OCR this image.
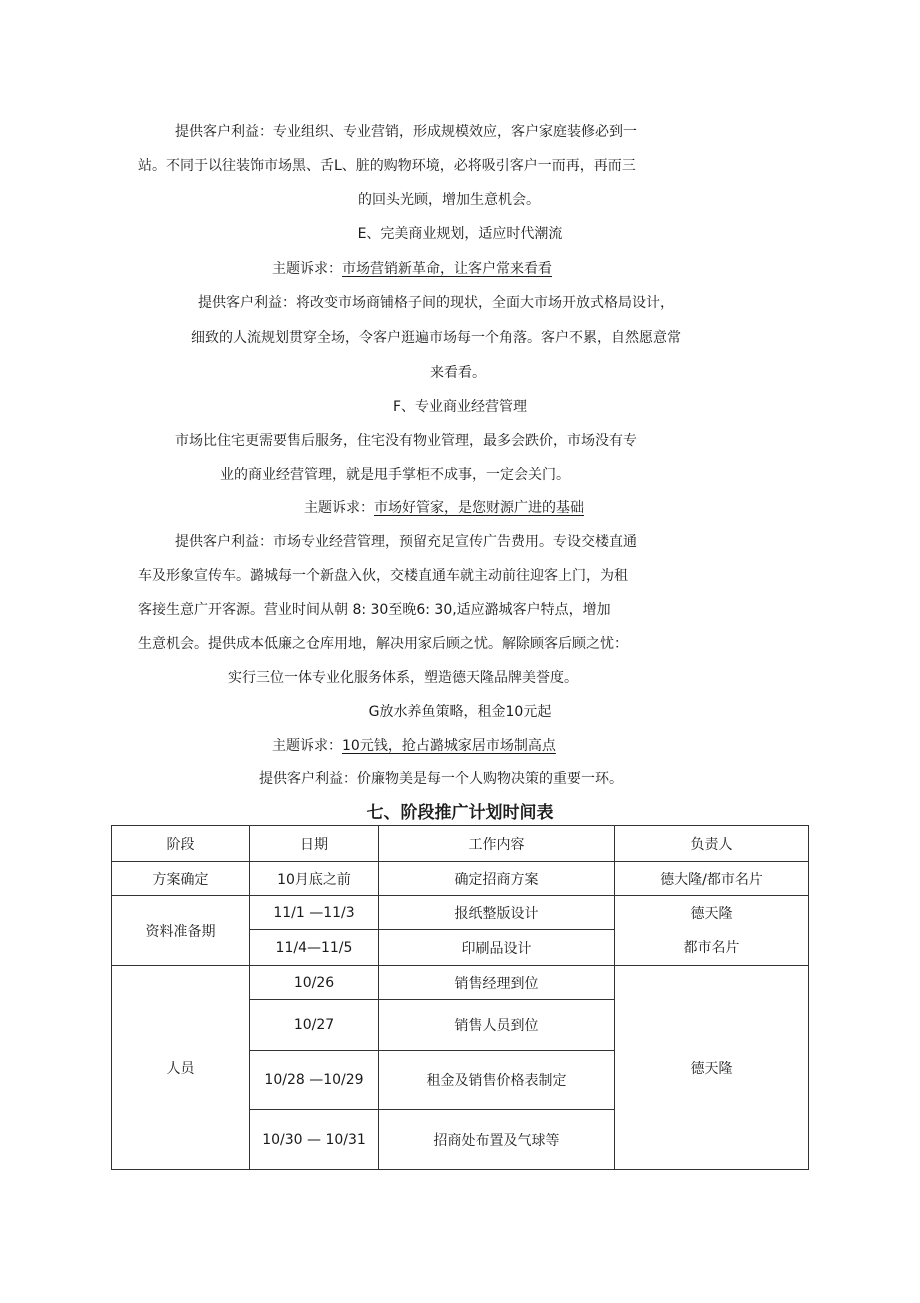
提供客户利益：专业组织、专业营销，形成规模效应，客户家庭装修必到一
站。不同于以往装饰市场黑、舌L、脏的购物环境，必将吸引客户一而再，再而三
的回头光顾，增加生意机会。
E、完美商业规划，适应时代潮流
主题诉求：市场营销新革命，让客户常来看看
提供客户利益：将改变市场商铺格子间的现状，全面大市场开放式格局设计，
细致的人流规划贯穿全场，令客户逛遍市场每一个角落。客户不累，自然愿意常
来看看。
F、专业商业经营管理
市场比住宅更需要售后服务，住宅没有物业管理，最多会跌价，市场没有专
业的商业经营管理，就是甩手掌柜不成事，一定会关门。
主题诉求：市场好管家，是您财源广进的基础
提供客户利益：市场专业经营管理，预留充足宣传广告费用。专设交楼直通
车及形象宣传车。潞城每一个新盘入伙，交楼直通车就主动前往迎客上门，为租
客接生意广开客源。营业时间从朝 8: 30至晚6: 30,适应潞城客户特点，增加
生意机会。提供成本低廉之仓库用地，解决用家后顾之忧。解除顾客后顾之忧：
实行三位一体专业化服务体系，塑造德天隆品牌美誉度。
G放水养鱼策略，租金10元起
主题诉求：10元钱，抢占潞城家居市场制高点
提供客户利益：价廉物美是每一个人购物决策的重要一环。
七、阶段推广计划时间表
阶段	日期	工作内容	负责人
方案确定	10月底之前	确定招商方案	德大隆/都市名片
资料准备期	11/1 —11/3	报纸整版设计	德天隆
	11/4—11/5	印刷品设计	都市名片
人员	10/26	销售经理到位	德天隆
	10/27	销售人员到位	
	10/28 —10/29	租金及销售价格表制定	
	10/30 — 10/31	招商处布置及气球等	
